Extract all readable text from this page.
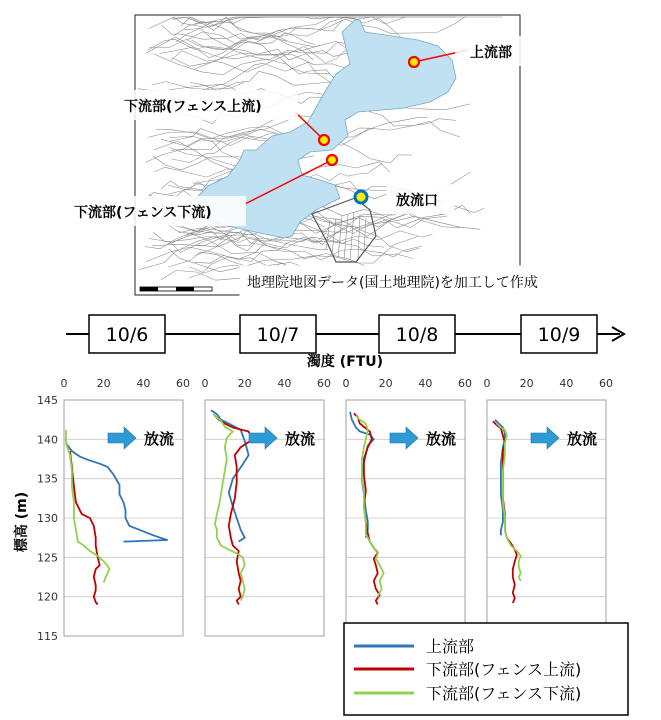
地理院地図データ(国土地理院)を加工して作成
上流部
下流部(フェンス上流)
下流部(フェンス下流)
放流口
10/6	10/7	10/8	10/9
濁度 (FTU)
標高 (m)
0	20 40 60
115
120
125
130
135
140
145
放流
0	20 40 60
放流
0	20 40 60
放流
0	20 40 60
放流
上流部
下流部(フェンス上流)
下流部(フェンス下流)
